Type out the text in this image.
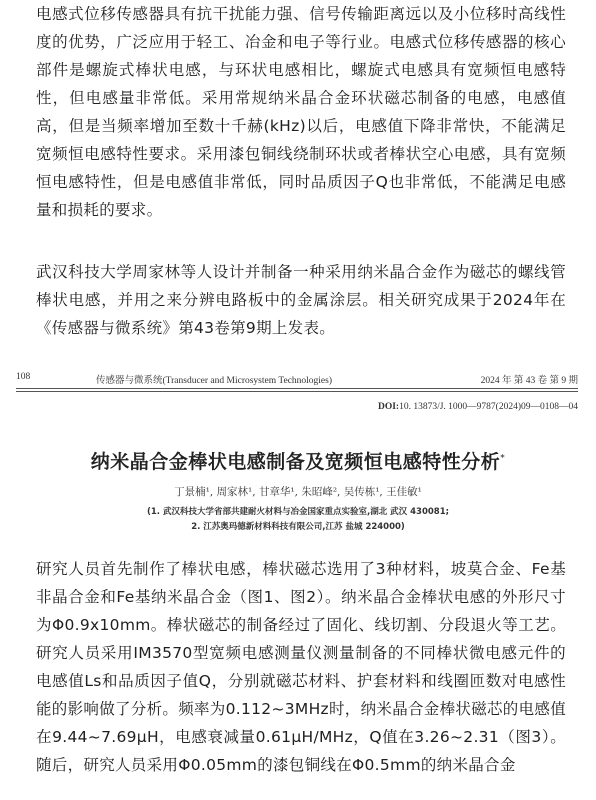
电感式位移传感器具有抗干扰能力强、信号传输距离远以及小位移时高线性度的优势，广泛应用于轻工、冶金和电子等行业。电感式位移传感器的核心部件是螺旋式棒状电感，与环状电感相比，螺旋式电感具有宽频恒电感特性，但电感量非常低。采用常规纳米晶合金环状磁芯制备的电感，电感值高，但是当频率增加至数十千赫(kHz)以后，电感值下降非常快，不能满足宽频恒电感特性要求。采用漆包铜线绕制环状或者棒状空心电感，具有宽频恒电感特性，但是电感值非常低，同时品质因子Q也非常低，不能满足电感量和损耗的要求。

武汉科技大学周家林等人设计并制备一种采用纳米晶合金作为磁芯的螺线管棒状电感，并用之来分辨电路板中的金属涂层。相关研究成果于2024年在《传感器与微系统》第43卷第9期上发表。

108	传感器与微系统(Transducer and Microsystem Technologies)	2024 年 第 43 卷 第 9 期
DOI:10. 13873/J. 1000—9787(2024)09—0108—04
纳米晶合金棒状电感制备及宽频恒电感特性分析*
丁景楠¹, 周家林¹, 甘章华¹, 朱昭峰², 吴传栋¹, 王佳敏¹
(1. 武汉科技大学省部共建耐火材料与冶金国家重点实验室,湖北 武汉 430081;
2. 江苏奥玛德新材料科技有限公司,江苏 盐城 224000)

研究人员首先制作了棒状电感，棒状磁芯选用了3种材料，坡莫合金、Fe基非晶合金和Fe基纳米晶合金（图1、图2）。纳米晶合金棒状电感的外形尺寸为Φ0.9x10mm。棒状磁芯的制备经过了固化、线切割、分段退火等工艺。研究人员采用IM3570型宽频电感测量仪测量制备的不同棒状微电感元件的电感值Ls和品质因子值Q，分别就磁芯材料、护套材料和线圈匝数对电感性能的影响做了分析。频率为0.112~3MHz时，纳米晶合金棒状磁芯的电感值在9.44~7.69μH，电感衰减量0.61μH/MHz，Q值在3.26~2.31（图3）。随后，研究人员采用Φ0.05mm的漆包铜线在Φ0.5mm的纳米晶合金
